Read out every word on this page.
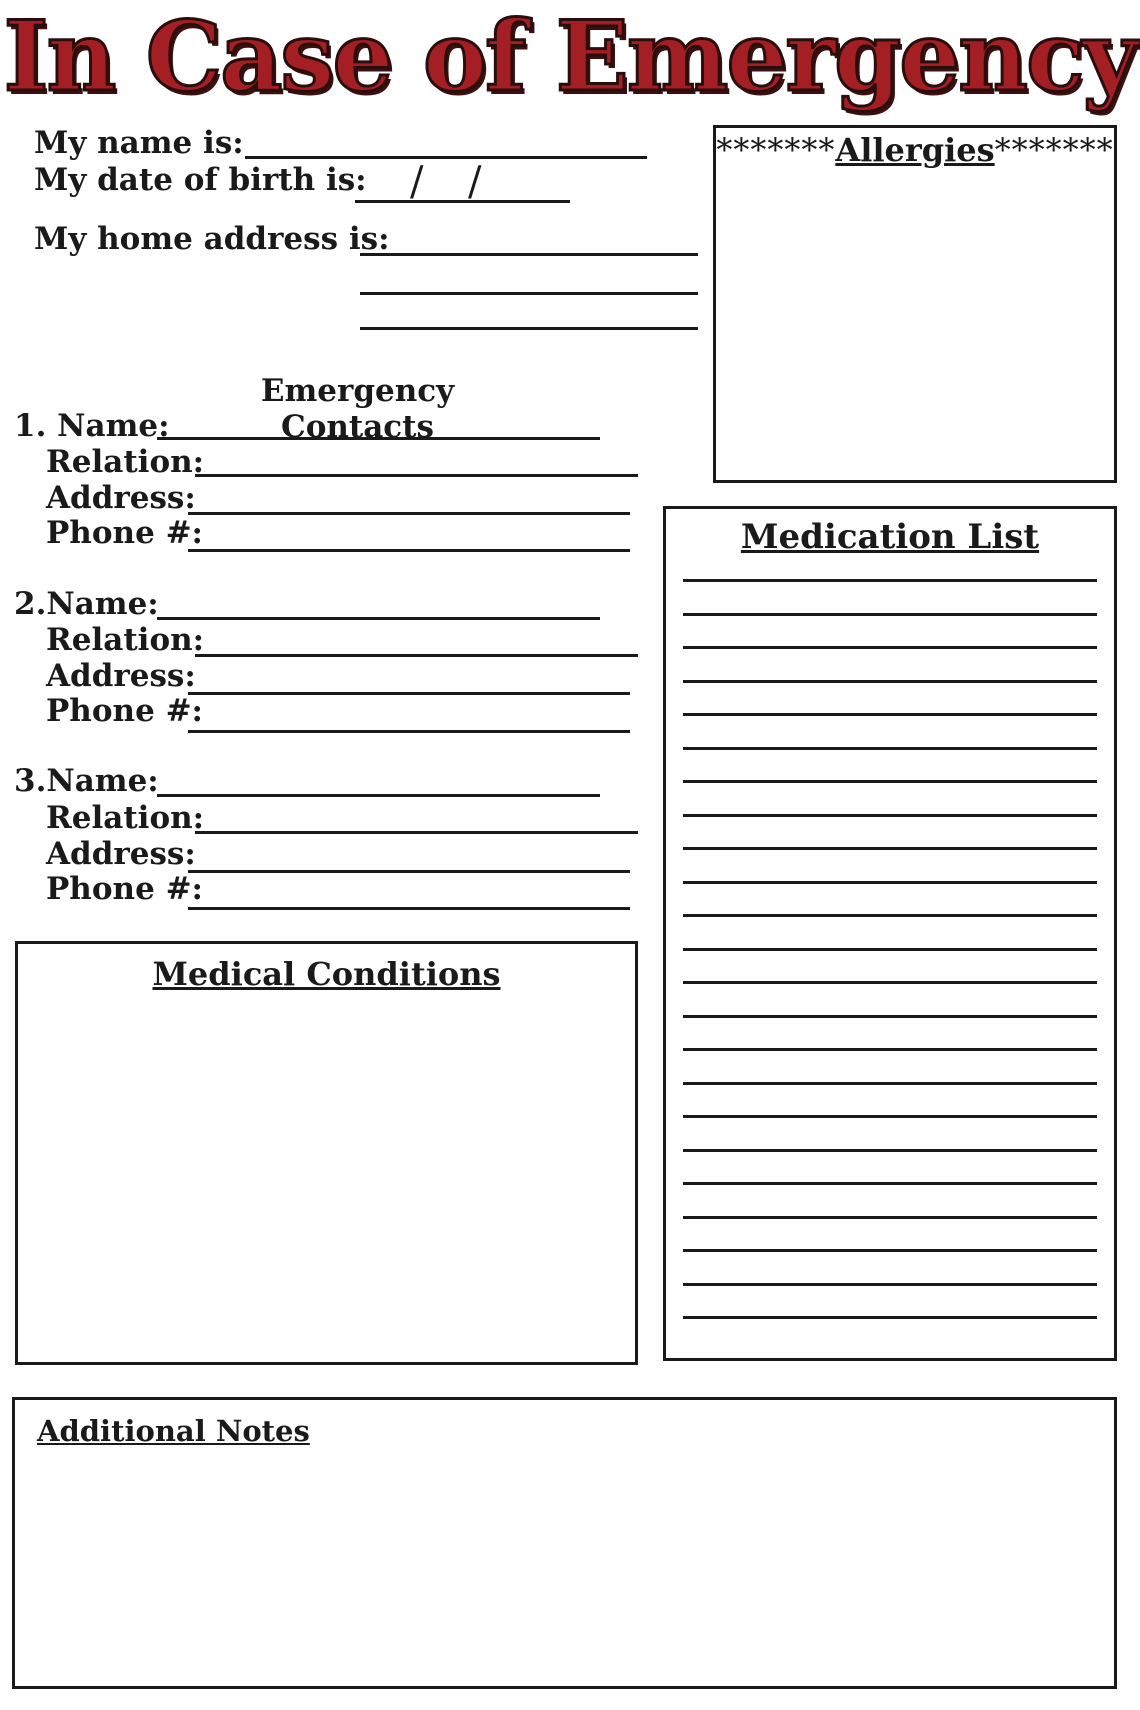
In Case of Emergency
My name is:
My date of birth is: / /
My home address is:
*******Allergies*******
Emergency Contacts
1. Name:
Relation:
Address:
Phone #:
2.Name:
Relation:
Address:
Phone #:
3.Name:
Relation:
Address:
Phone #:
Medication List
Medical Conditions
Additional Notes
